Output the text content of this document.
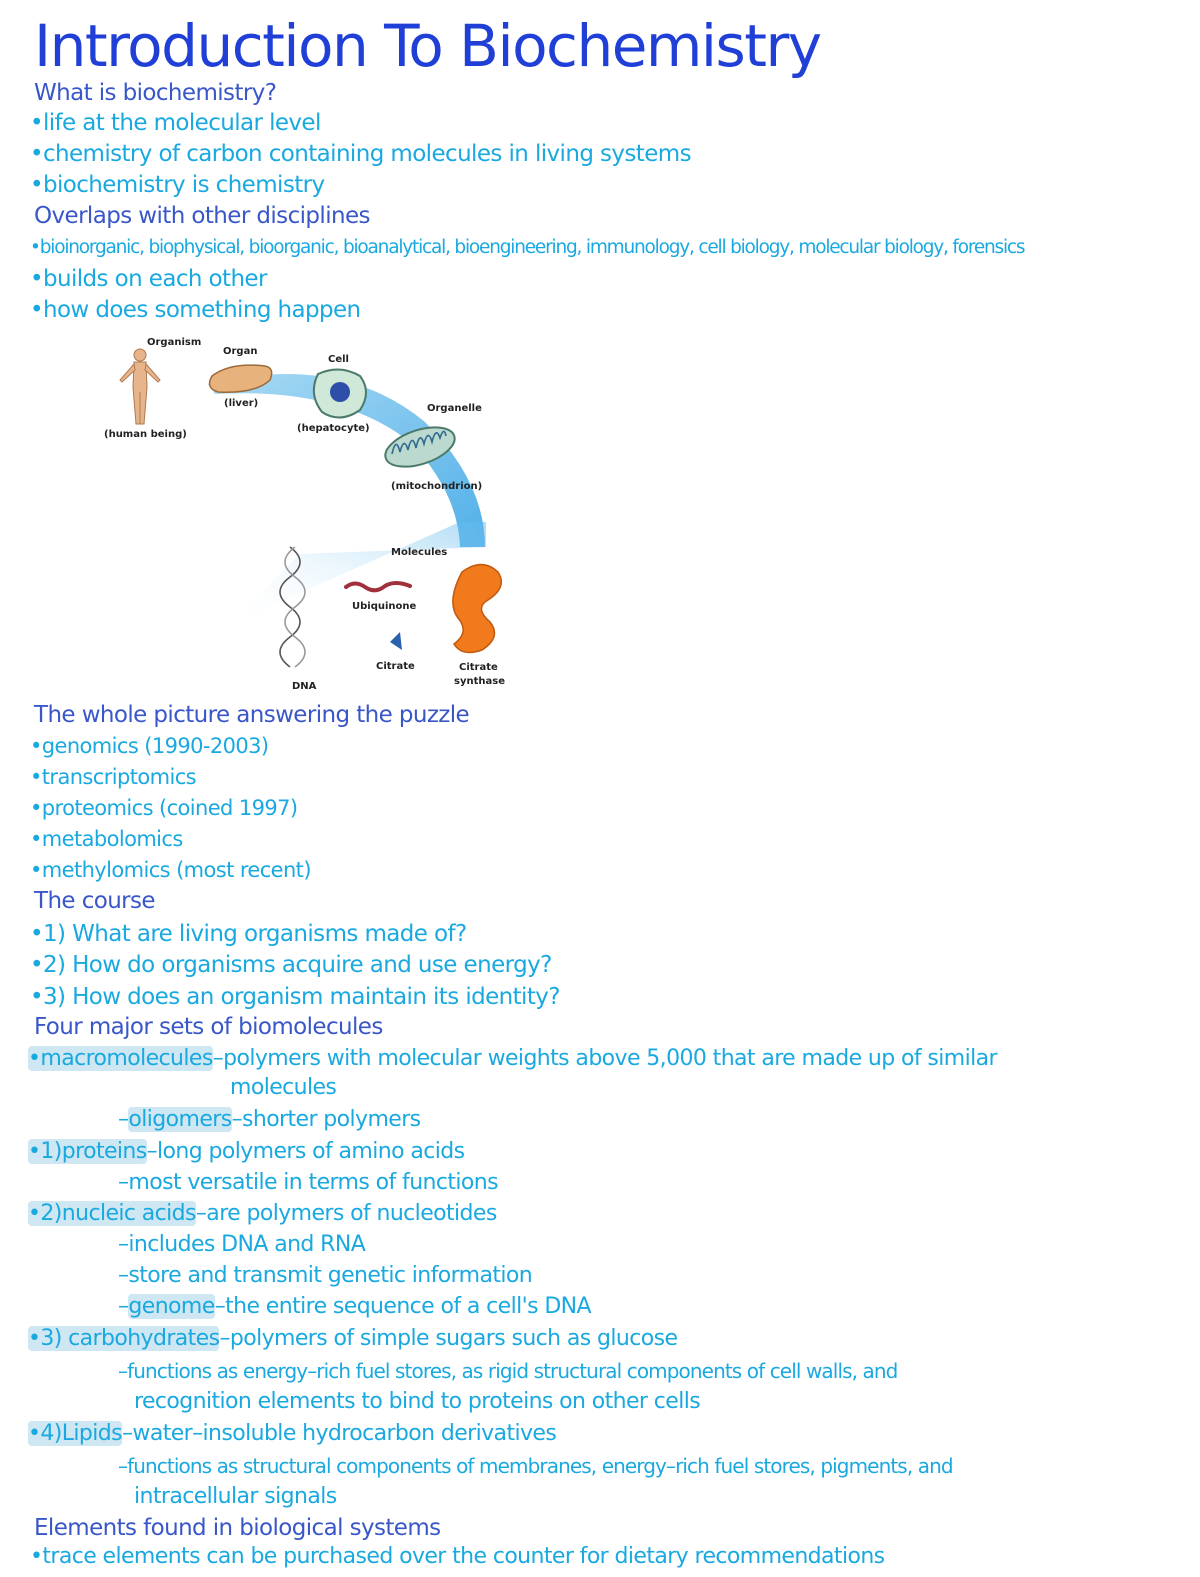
Introduction To Biochemistry
What is biochemistry?
•life at the molecular level
•chemistry of carbon containing molecules in living systems
•biochemistry is chemistry
Overlaps with other disciplines
•bioinorganic, biophysical, bioorganic, bioanalytical, bioengineering, immunology, cell biology, molecular biology, forensics
•builds on each other
•how does something happen
Organism
(human being)
Organ
(liver)
Cell
(hepatocyte)
Organelle
(mitochondrion)
Molecules
Ubiquinone
Citrate	Citrate
synthase
DNA
The whole picture answering the puzzle
•genomics (1990-2003)
•transcriptomics
•proteomics (coined 1997)
•metabolomics
•methylomics (most recent)
The course
•1) What are living organisms made of?
•2) How do organisms acquire and use energy?
•3) How does an organism maintain its identity?
Four major sets of biomolecules
•macromolecules–polymers with molecular weights above 5,000 that are made up of similar
molecules
–oligomers–shorter polymers
•1)proteins–long polymers of amino acids
–most versatile in terms of functions
•2)nucleic acids–are polymers of nucleotides
–includes DNA and RNA
–store and transmit genetic information
–genome–the entire sequence of a cell's DNA
•3) carbohydrates–polymers of simple sugars such as glucose
–functions as energy–rich fuel stores, as rigid structural components of cell walls, and
recognition elements to bind to proteins on other cells
•4)Lipids–water–insoluble hydrocarbon derivatives
–functions as structural components of membranes, energy–rich fuel stores, pigments, and
intracellular signals
Elements found in biological systems
•trace elements can be purchased over the counter for dietary recommendations
